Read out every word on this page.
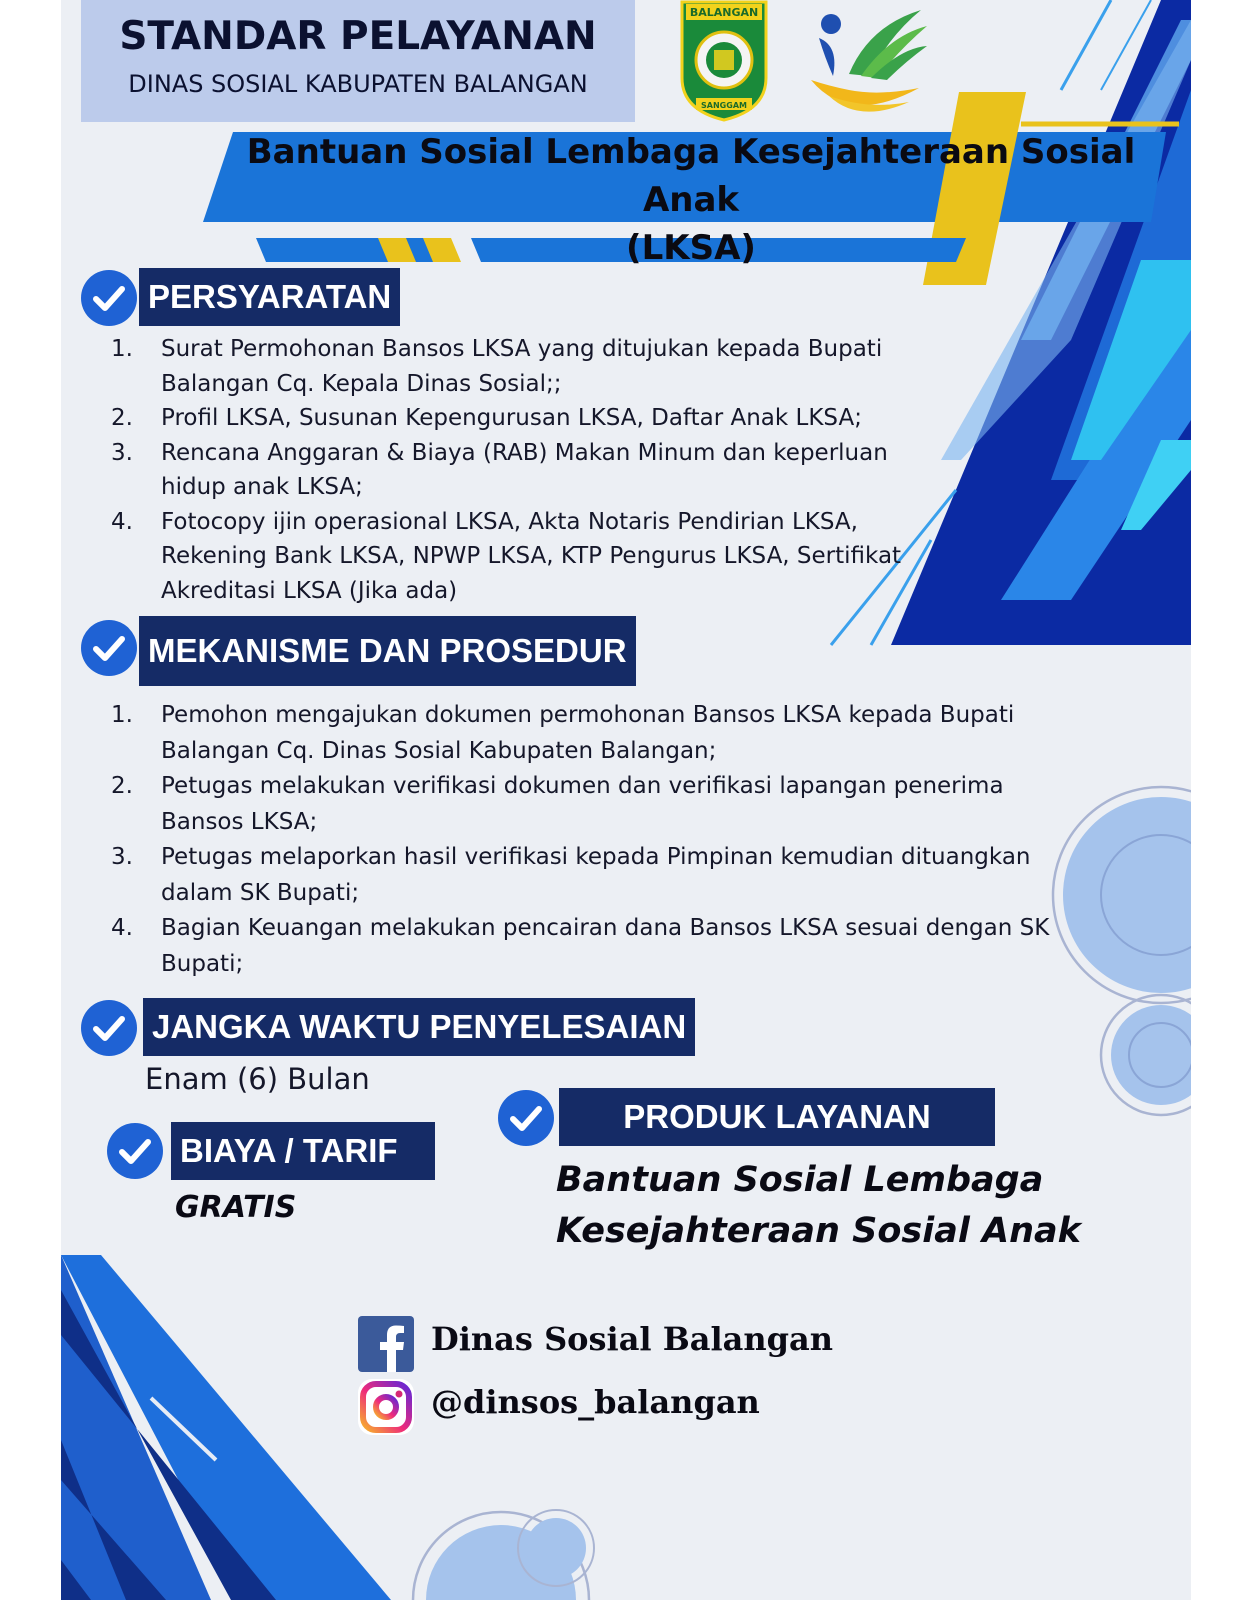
STANDAR PELAYANAN
DINAS SOSIAL KABUPATEN BALANGAN
BALANGAN
SANGGAM
Bantuan Sosial Lembaga Kesejahteraan Sosial Anak
(LKSA)
PERSYARATAN
1. Surat Permohonan Bansos LKSA yang ditujukan kepada Bupati Balangan Cq. Kepala Dinas Sosial;;
2. Profil LKSA, Susunan Kepengurusan LKSA, Daftar Anak LKSA;
3. Rencana Anggaran & Biaya (RAB) Makan Minum dan keperluan hidup anak LKSA;
4. Fotocopy ijin operasional LKSA, Akta Notaris Pendirian LKSA, Rekening Bank LKSA, NPWP LKSA, KTP Pengurus LKSA, Sertifikat Akreditasi LKSA (Jika ada)
MEKANISME DAN PROSEDUR
1. Pemohon mengajukan dokumen permohonan Bansos LKSA kepada Bupati Balangan Cq. Dinas Sosial Kabupaten Balangan;
2. Petugas melakukan verifikasi dokumen dan verifikasi lapangan penerima Bansos LKSA;
3. Petugas melaporkan hasil verifikasi kepada Pimpinan kemudian dituangkan dalam SK Bupati;
4. Bagian Keuangan melakukan pencairan dana Bansos LKSA sesuai dengan SK Bupati;
JANGKA WAKTU PENYELESAIAN
Enam (6) Bulan
BIAYA / TARIF
GRATIS
PRODUK LAYANAN
Bantuan Sosial Lembaga
Kesejahteraan Sosial Anak
Dinas Sosial Balangan
@dinsos_balangan
